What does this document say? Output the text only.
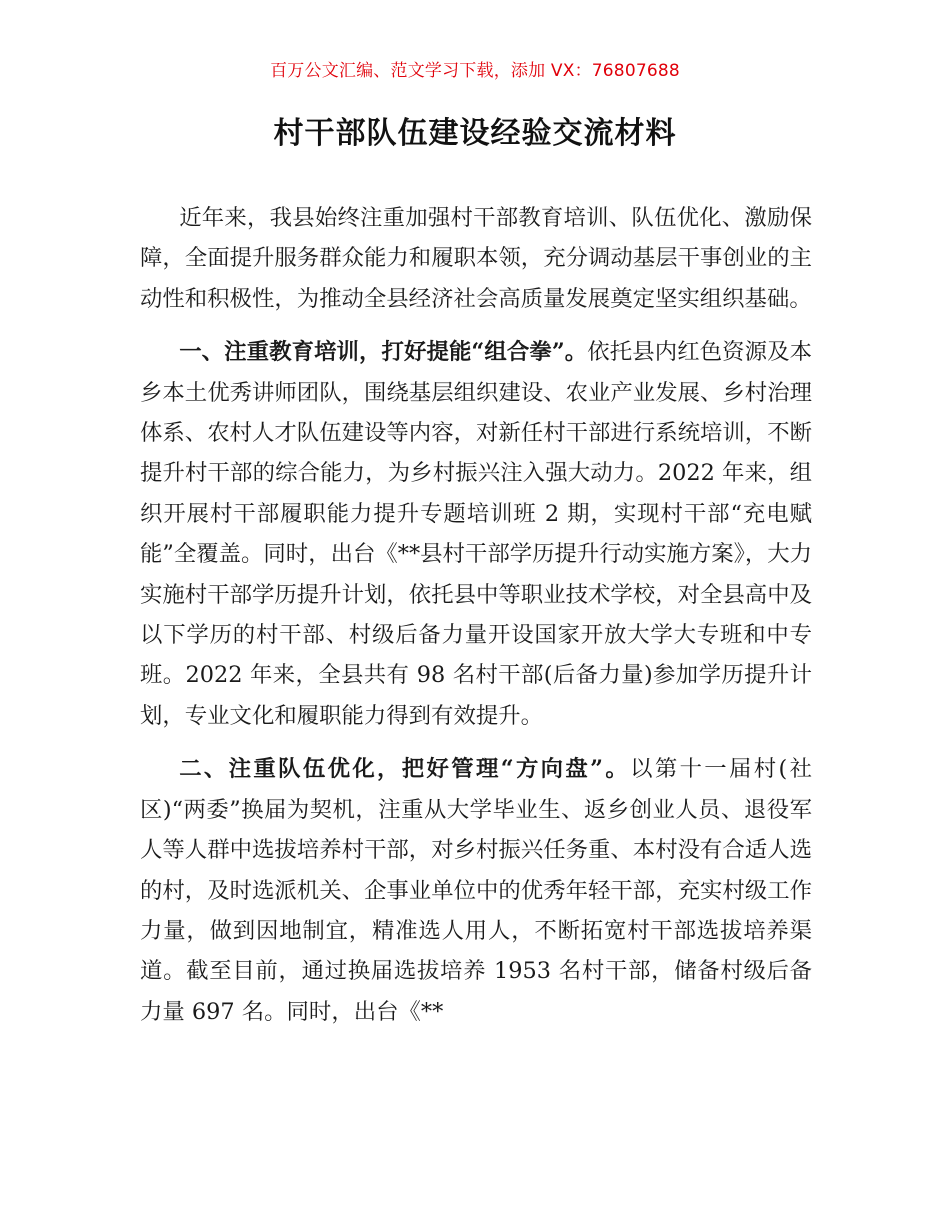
百万公文汇编、范文学习下载，添加 VX：76807688
村干部队伍建设经验交流材料

近年来，我县始终注重加强村干部教育培训、队伍优化、激励保障，全面提升服务群众能力和履职本领，充分调动基层干事创业的主动性和积极性，为推动全县经济社会高质量发展奠定坚实组织基础。

一、注重教育培训，打好提能“组合拳”。依托县内红色资源及本乡本土优秀讲师团队，围绕基层组织建设、农业产业发展、乡村治理体系、农村人才队伍建设等内容，对新任村干部进行系统培训，不断提升村干部的综合能力，为乡村振兴注入强大动力。2022 年来，组织开展村干部履职能力提升专题培训班 2 期，实现村干部“充电赋能”全覆盖。同时，出台《**县村干部学历提升行动实施方案》，大力实施村干部学历提升计划，依托县中等职业技术学校，对全县高中及以下学历的村干部、村级后备力量开设国家开放大学大专班和中专班。2022 年来，全县共有 98 名村干部(后备力量)参加学历提升计划，专业文化和履职能力得到有效提升。

二、注重队伍优化，把好管理“方向盘”。以第十一届村(社区)“两委”换届为契机，注重从大学毕业生、返乡创业人员、退役军人等人群中选拔培养村干部，对乡村振兴任务重、本村没有合适人选的村，及时选派机关、企事业单位中的优秀年轻干部，充实村级工作力量，做到因地制宜，精准选人用人，不断拓宽村干部选拔培养渠道。截至目前，通过换届选拔培养 1953 名村干部，储备村级后备力量 697 名。同时，出台《**
